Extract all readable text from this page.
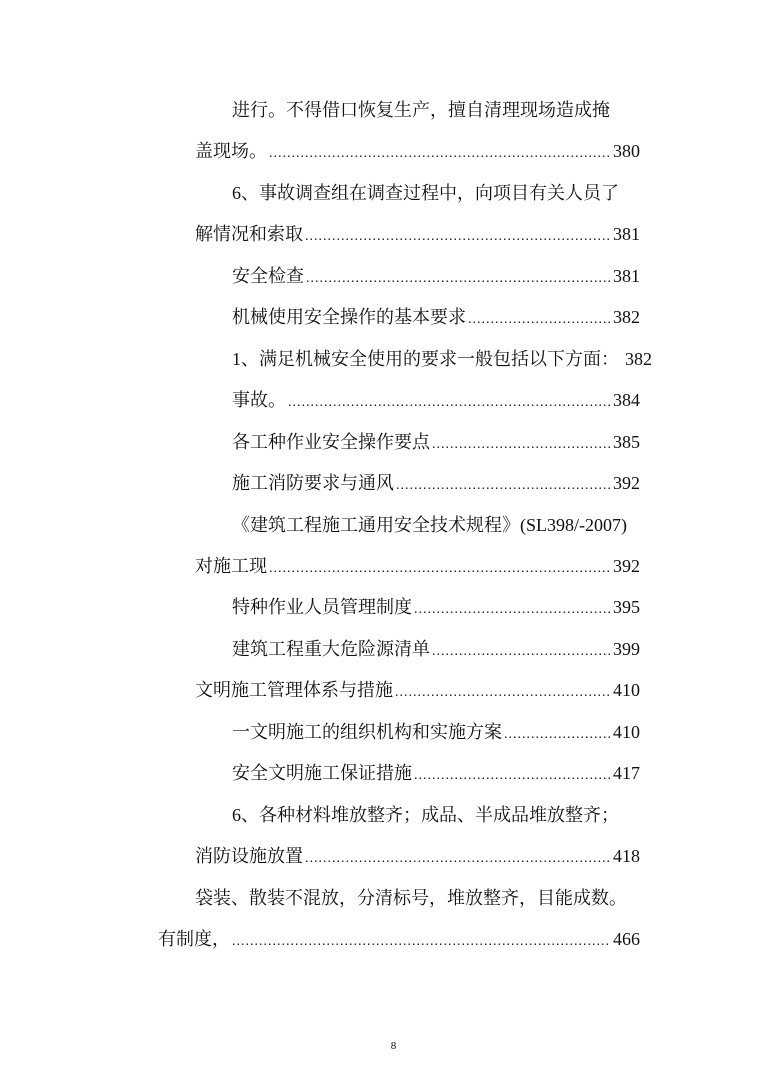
进行。不得借口恢复生产，擅自清理现场造成掩
盖现场。 .....	380
6、事故调查组在调查过程中，向项目有关人员了
解情况和索取 .....	381
安全检查 .....	381
机械使用安全操作的基本要求 .....	382
1、满足机械安全使用的要求一般包括以下方面： 382
事故。 .....	384
各工种作业安全操作要点 .....	385
施工消防要求与通风 .....	392
《建筑工程施工通用安全技术规程》(SL398/-2007)
对施工现 .....	392
特种作业人员管理制度 .....	395
建筑工程重大危险源清单 .....	399
文明施工管理体系与措施 .....	410
一文明施工的组织机构和实施方案 .....	410
安全文明施工保证措施 .....	417
6、各种材料堆放整齐；成品、半成品堆放整齐；
消防设施放置 .....	418
袋装、散装不混放，分清标号，堆放整齐，目能成数。
有制度， .....	466
8
